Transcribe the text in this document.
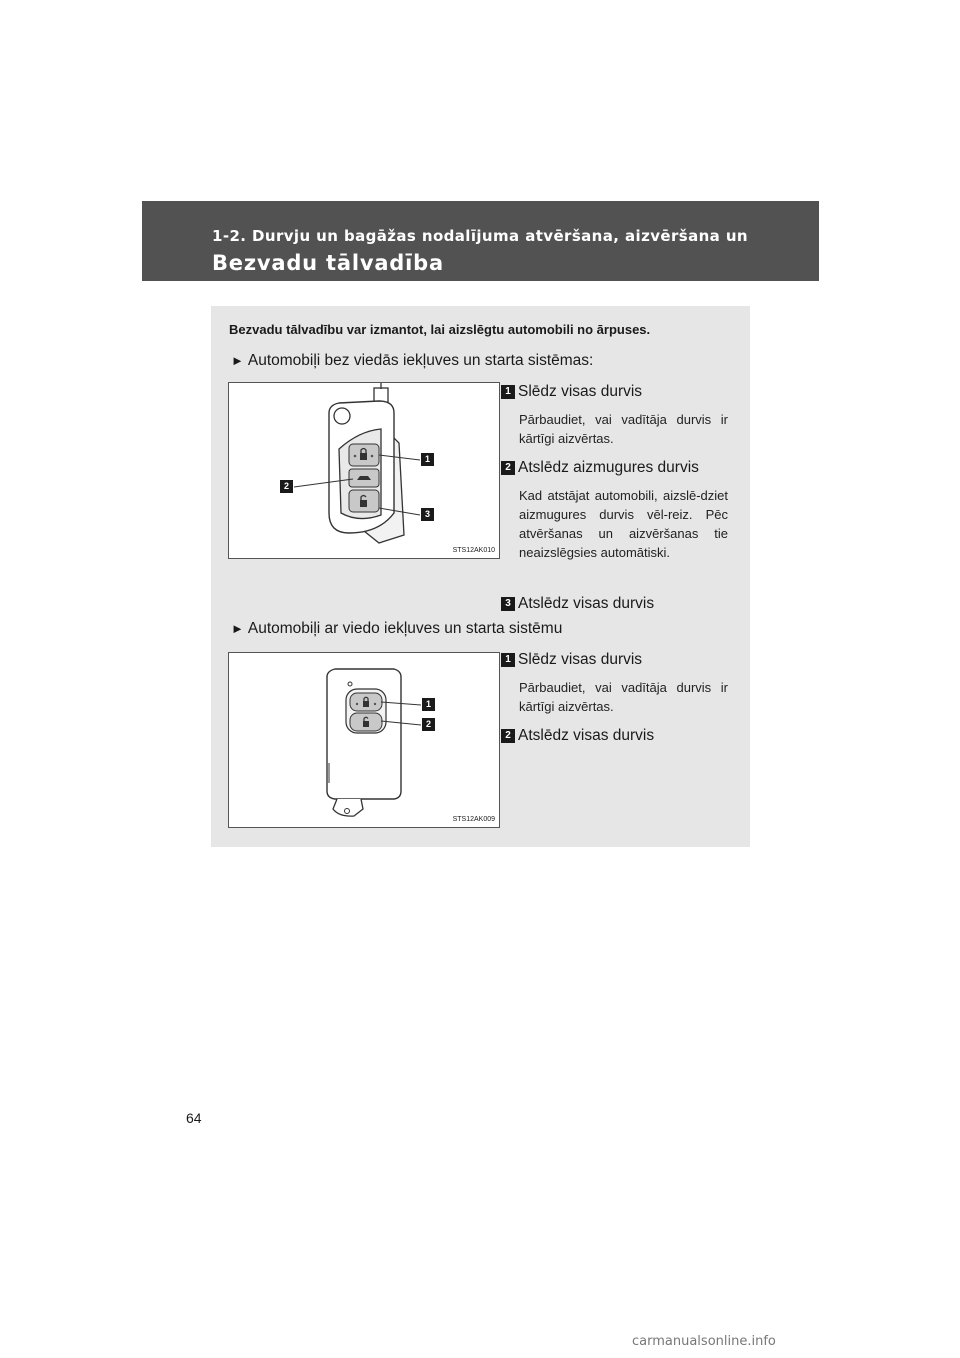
1-2. Durvju un bagāžas nodalījuma atvēršana, aizvēršana un
Bezvadu tālvadība
Bezvadu tālvadību var izmantot, lai aizslēgtu automobili no ārpuses.
► Automobiļi bez viedās iekļuves un starta sistēmas:
1
2
3
STS12AK010
1 Slēdz visas durvis
Pārbaudiet, vai vadītāja durvis ir kārtīgi aizvērtas.
2 Atslēdz aizmugures durvis
Kad atstājat automobili, aizslē-dziet aizmugures durvis vēl-reiz. Pēc atvēršanas un aizvēršanas tie neaizslēgsies automātiski.
3 Atslēdz visas durvis
► Automobiļi ar viedo iekļuves un starta sistēmu
1
2
STS12AK009
1 Slēdz visas durvis
Pārbaudiet, vai vadītāja durvis ir kārtīgi aizvērtas.
2 Atslēdz visas durvis
64
carmanualsonline.info
